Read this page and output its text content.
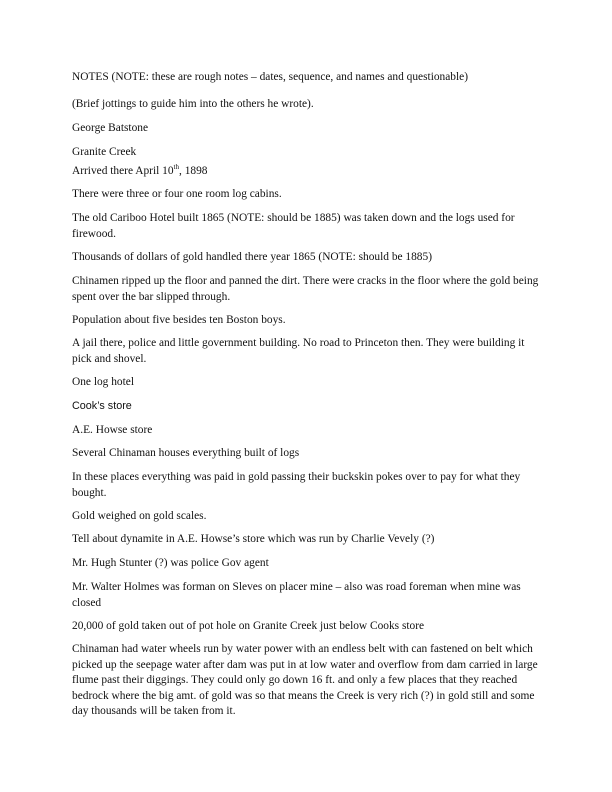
NOTES (NOTE: these are rough notes – dates, sequence, and names and questionable)

(Brief jottings to guide him into the others he wrote).

George Batstone

Granite Creek

Arrived there April 10th, 1898

There were three or four one room log cabins.

The old Cariboo Hotel built 1865 (NOTE: should be 1885) was taken down and the logs used for firewood.

Thousands of dollars of gold handled there year 1865 (NOTE: should be 1885)

Chinamen ripped up the floor and panned the dirt. There were cracks in the floor where the gold being spent over the bar slipped through.

Population about five besides ten Boston boys.

A jail there, police and little government building. No road to Princeton then. They were building it pick and shovel.

One log hotel

Cook’s store

A.E. Howse store

Several Chinaman houses everything built of logs

In these places everything was paid in gold passing their buckskin pokes over to pay for what they bought.

Gold weighed on gold scales.

Tell about dynamite in A.E. Howse’s store which was run by Charlie Vevely (?)

Mr. Hugh Stunter (?) was police Gov agent

Mr. Walter Holmes was forman on Sleves on placer mine – also was road foreman when mine was closed

20,000 of gold taken out of pot hole on Granite Creek just below Cooks store

Chinaman had water wheels run by water power with an endless belt with can fastened on belt which picked up the seepage water after dam was put in at low water and overflow from dam carried in large flume past their diggings. They could only go down 16 ft. and only a few places that they reached bedrock where the big amt. of gold was so that means the Creek is very rich (?) in gold still and some day thousands will be taken from it.
